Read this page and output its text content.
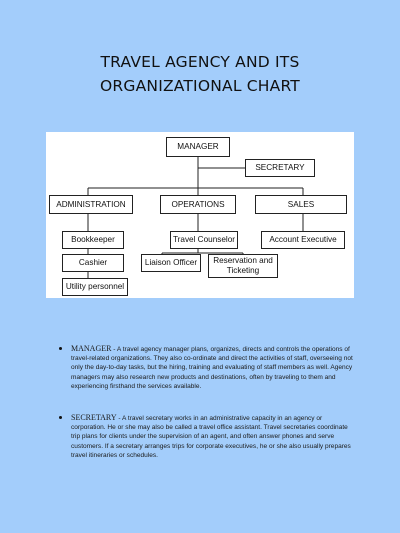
TRAVEL AGENCY AND ITS
ORGANIZATIONAL CHART
MANAGER
SECRETARY
ADMINISTRATION	OPERATIONS	SALES
Bookkeeper
Cashier
Utility personnel
Travel Counselor
Liaison Officer Reservation and
Ticketing
Account Executive
MANAGER - A travel agency manager plans, organizes, directs and controls the operations of travel-related organizations. They also co-ordinate and direct the activities of staff, overseeing not only the day-to-day tasks, but the hiring, training and evaluating of staff members as well. Agency managers may also research new products and destinations, often by traveling to them and experiencing firsthand the services available.
SECRETARY - A travel secretary works in an administrative capacity in an agency or corporation. He or she may also be called a travel office assistant. Travel secretaries coordinate trip plans for clients under the supervision of an agent, and often answer phones and serve customers. If a secretary arranges trips for corporate executives, he or she also usually prepares travel itineraries or schedules.
